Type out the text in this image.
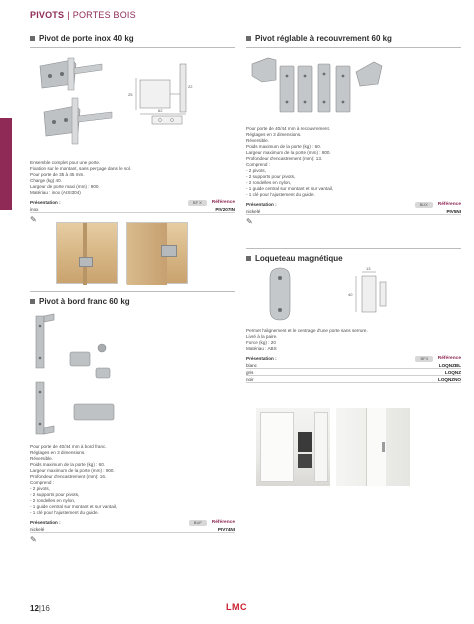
PIVOTS | PORTES BOIS
Pivot de porte inox 40 kg
25
62
22
Ensemble complet pour une porte.
Fixation sur le montant, sans perçage dans le sol.
Pour porte de 35 à 45 mm.
Charge (kg) 40.
Largeur de porte maxi (mm) : 900.
Matériau : inox (AISI304)
Présentation :	BF X	Référence
inox	PIV207IN
✎
Pivot à bord franc 60 kg
Pour porte de 40/44 mm à bord franc.
Réglages en 3 dimensions.
Réversible.
Poids maximum de la porte (kg) : 60.
Largeur maximum de la porte (mm) : 900.
Profondeur d'encastrement (mm): 16.
Comprend :
- 2 pivots,
- 2 supports pour pivots,
- 2 rondelles en nylon,
- 1 guide central sur montant et sur vantail,
- 1 clé pour l'ajustement du guide.
Présentation :	BUF	Référence
nickelé	PIV74NI
✎
Pivot réglable à recouvrement 60 kg
Pour porte de 40/44 mm à recouvrement.
Réglages en 3 dimensions.
Réversible.
Poids maximum de la porte (kg) : 60.
Largeur maximum de la porte (mm) : 800.
Profondeur d'encastrement (mm): 13.
Comprend :
- 2 pivots,
- 2 supports pour pivots,
- 2 rondelles en nylon,
- 1 guide central sur montant et sur vantail,
- 1 clé pour l'ajustement du guide.
Présentation :	BUX	Référence
nickelé	PIV5NI
✎
Loqueteau magnétique
13
40
Permet l'alignement et le centrage d'une porte sans serrure.
Livré à la paire.
Force (kg) : 20
Matériau : ABS
Présentation :	BF3	Référence
blanc	LOQNZBL
gris	LOQNZ
noir	LOQNZNO
12|16	LMC
